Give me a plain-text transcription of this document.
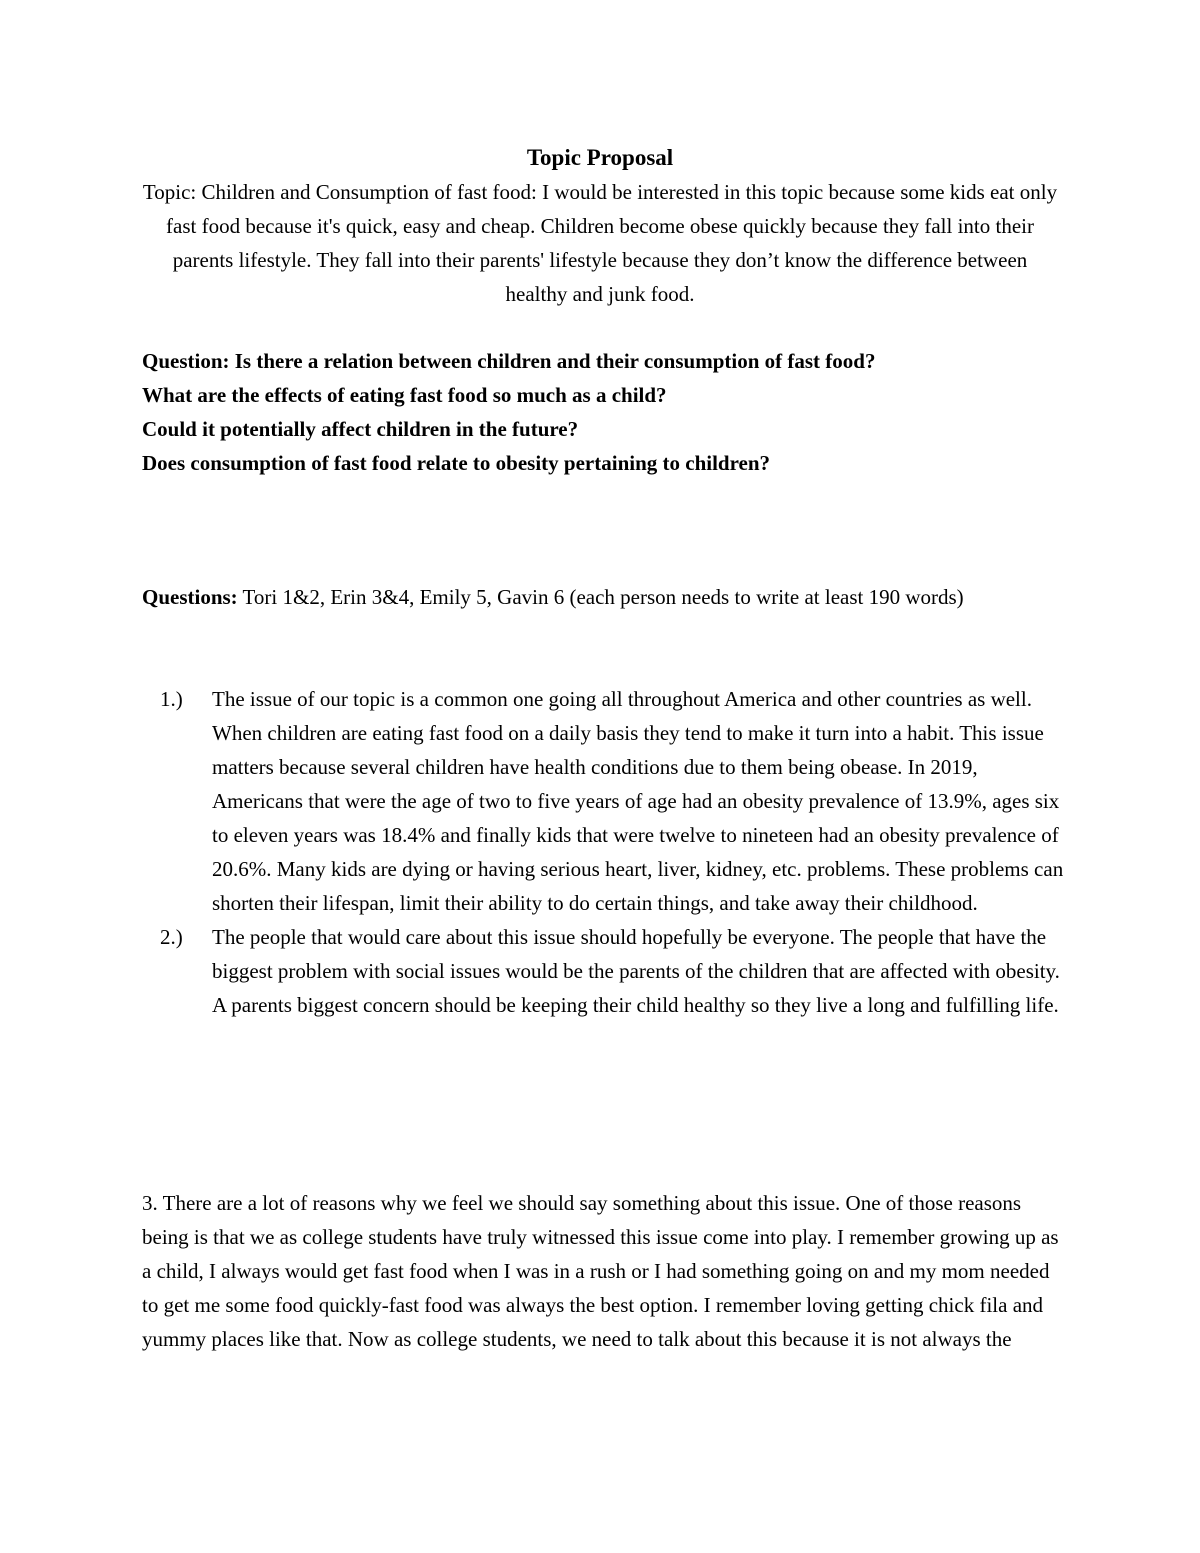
Topic Proposal
Topic: Children and Consumption of fast food: I would be interested in this topic because some kids eat only fast food because it's quick, easy and cheap. Children become obese quickly because they fall into their parents lifestyle. They fall into their parents' lifestyle because they don’t know the difference between healthy and junk food.
Question: Is there a relation between children and their consumption of fast food?
What are the effects of eating fast food so much as a child?
Could it potentially affect children in the future?
Does consumption of fast food relate to obesity pertaining to children?
Questions: Tori 1&2, Erin 3&4, Emily 5, Gavin 6 (each person needs to write at least 190 words)
1.)	The issue of our topic is a common one going all throughout America and other countries as well. When children are eating fast food on a daily basis they tend to make it turn into a habit. This issue matters because several children have health conditions due to them being obease. In 2019, Americans that were the age of two to five years of age had an obesity prevalence of 13.9%, ages six to eleven years was 18.4% and finally kids that were twelve to nineteen had an obesity prevalence of 20.6%. Many kids are dying or having serious heart, liver, kidney, etc. problems. These problems can shorten their lifespan, limit their ability to do certain things, and take away their childhood.
2.)	The people that would care about this issue should hopefully be everyone. The people that have the biggest problem with social issues would be the parents of the children that are affected with obesity. A parents biggest concern should be keeping their child healthy so they live a long and fulfilling life.
3. There are a lot of reasons why we feel we should say something about this issue. One of those reasons being is that we as college students have truly witnessed this issue come into play. I remember growing up as a child, I always would get fast food when I was in a rush or I had something going on and my mom needed to get me some food quickly-fast food was always the best option. I remember loving getting chick fila and yummy places like that. Now as college students, we need to talk about this because it is not always the
